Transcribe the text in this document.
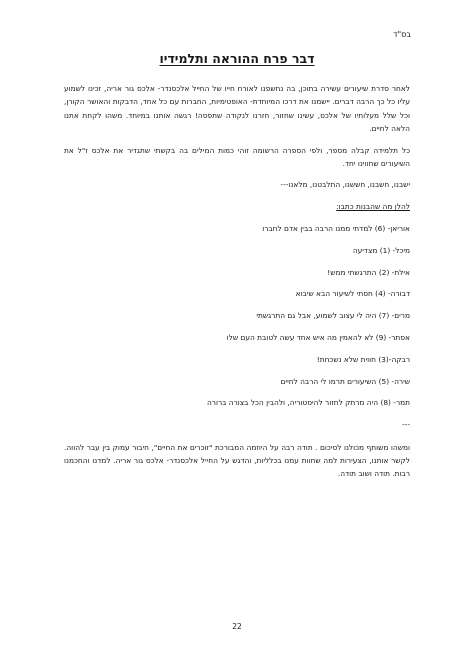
בס"ד
דבר פרח ההוראה ותלמידיו

לאחר סדרת שיעורים עשירה בתוכן, בה נחשפנו לאורח חייו של החייל אלכסנדר- אלכס גור אריה, זכינו לשמוע עליו כל כך הרבה דברים. יישמנו את דרכו המיוחדת- האופטימיות, החברות עם כל אחד, הדבקות והאושר הקורן, וכל שלל מעלותיו של אלכס, עשינו שחזור, חזרנו לנקודה שתפסה! רגשה אותנו במיוחד. משהו לקחת אתנו הלאה לחיים.

כל תלמידה קבלה מספר, ולפי הספרה הרשומה זוהי כמות המילים בה בקשתי שתגדיר את אלכס ז"ל את השיעורים שחווינו יחד.

ישבנו, חשבנו, חששנו, התלבטנו, מלאנו---

להלן מה שהבנות כתבו:

אוריאן- (6) למדתי ממנו הרבה בבין אדם לחברו

מיכל- (1) מצדיעה

אילת- (2) התרגשתי ממש!

דבורה- (4) חסתי לשיעור הבא שיבוא

מרים- (7) היה לי עצוב לשמוע, אבל גם התרגשתי

אסתר- (9) לא להאמין מה איש אחד עשה לטובת העם שלו

רבקה-(3) חווית שלא נשכחת!

שירה- (5) השיעורים תרמו לי הרבה לחיים

תמר- (8) היה מרתק לחזור להיסטוריה, ולהבין הכל בצורה ברורה

---

ומשהו משותף מכולנו לסיכום . תודה רבה על היוזמה המבורכת "זוכרים את החיים", חיבור עמוק בין עבר להווה. לקשר אותנו, הצעירות למה שחוות עמנו בכלליות, והדגש על החייל אלכסנדר- אלכס גור אריה. למדנו והחכמנו רבות. תודה ושוב תודה.

22
